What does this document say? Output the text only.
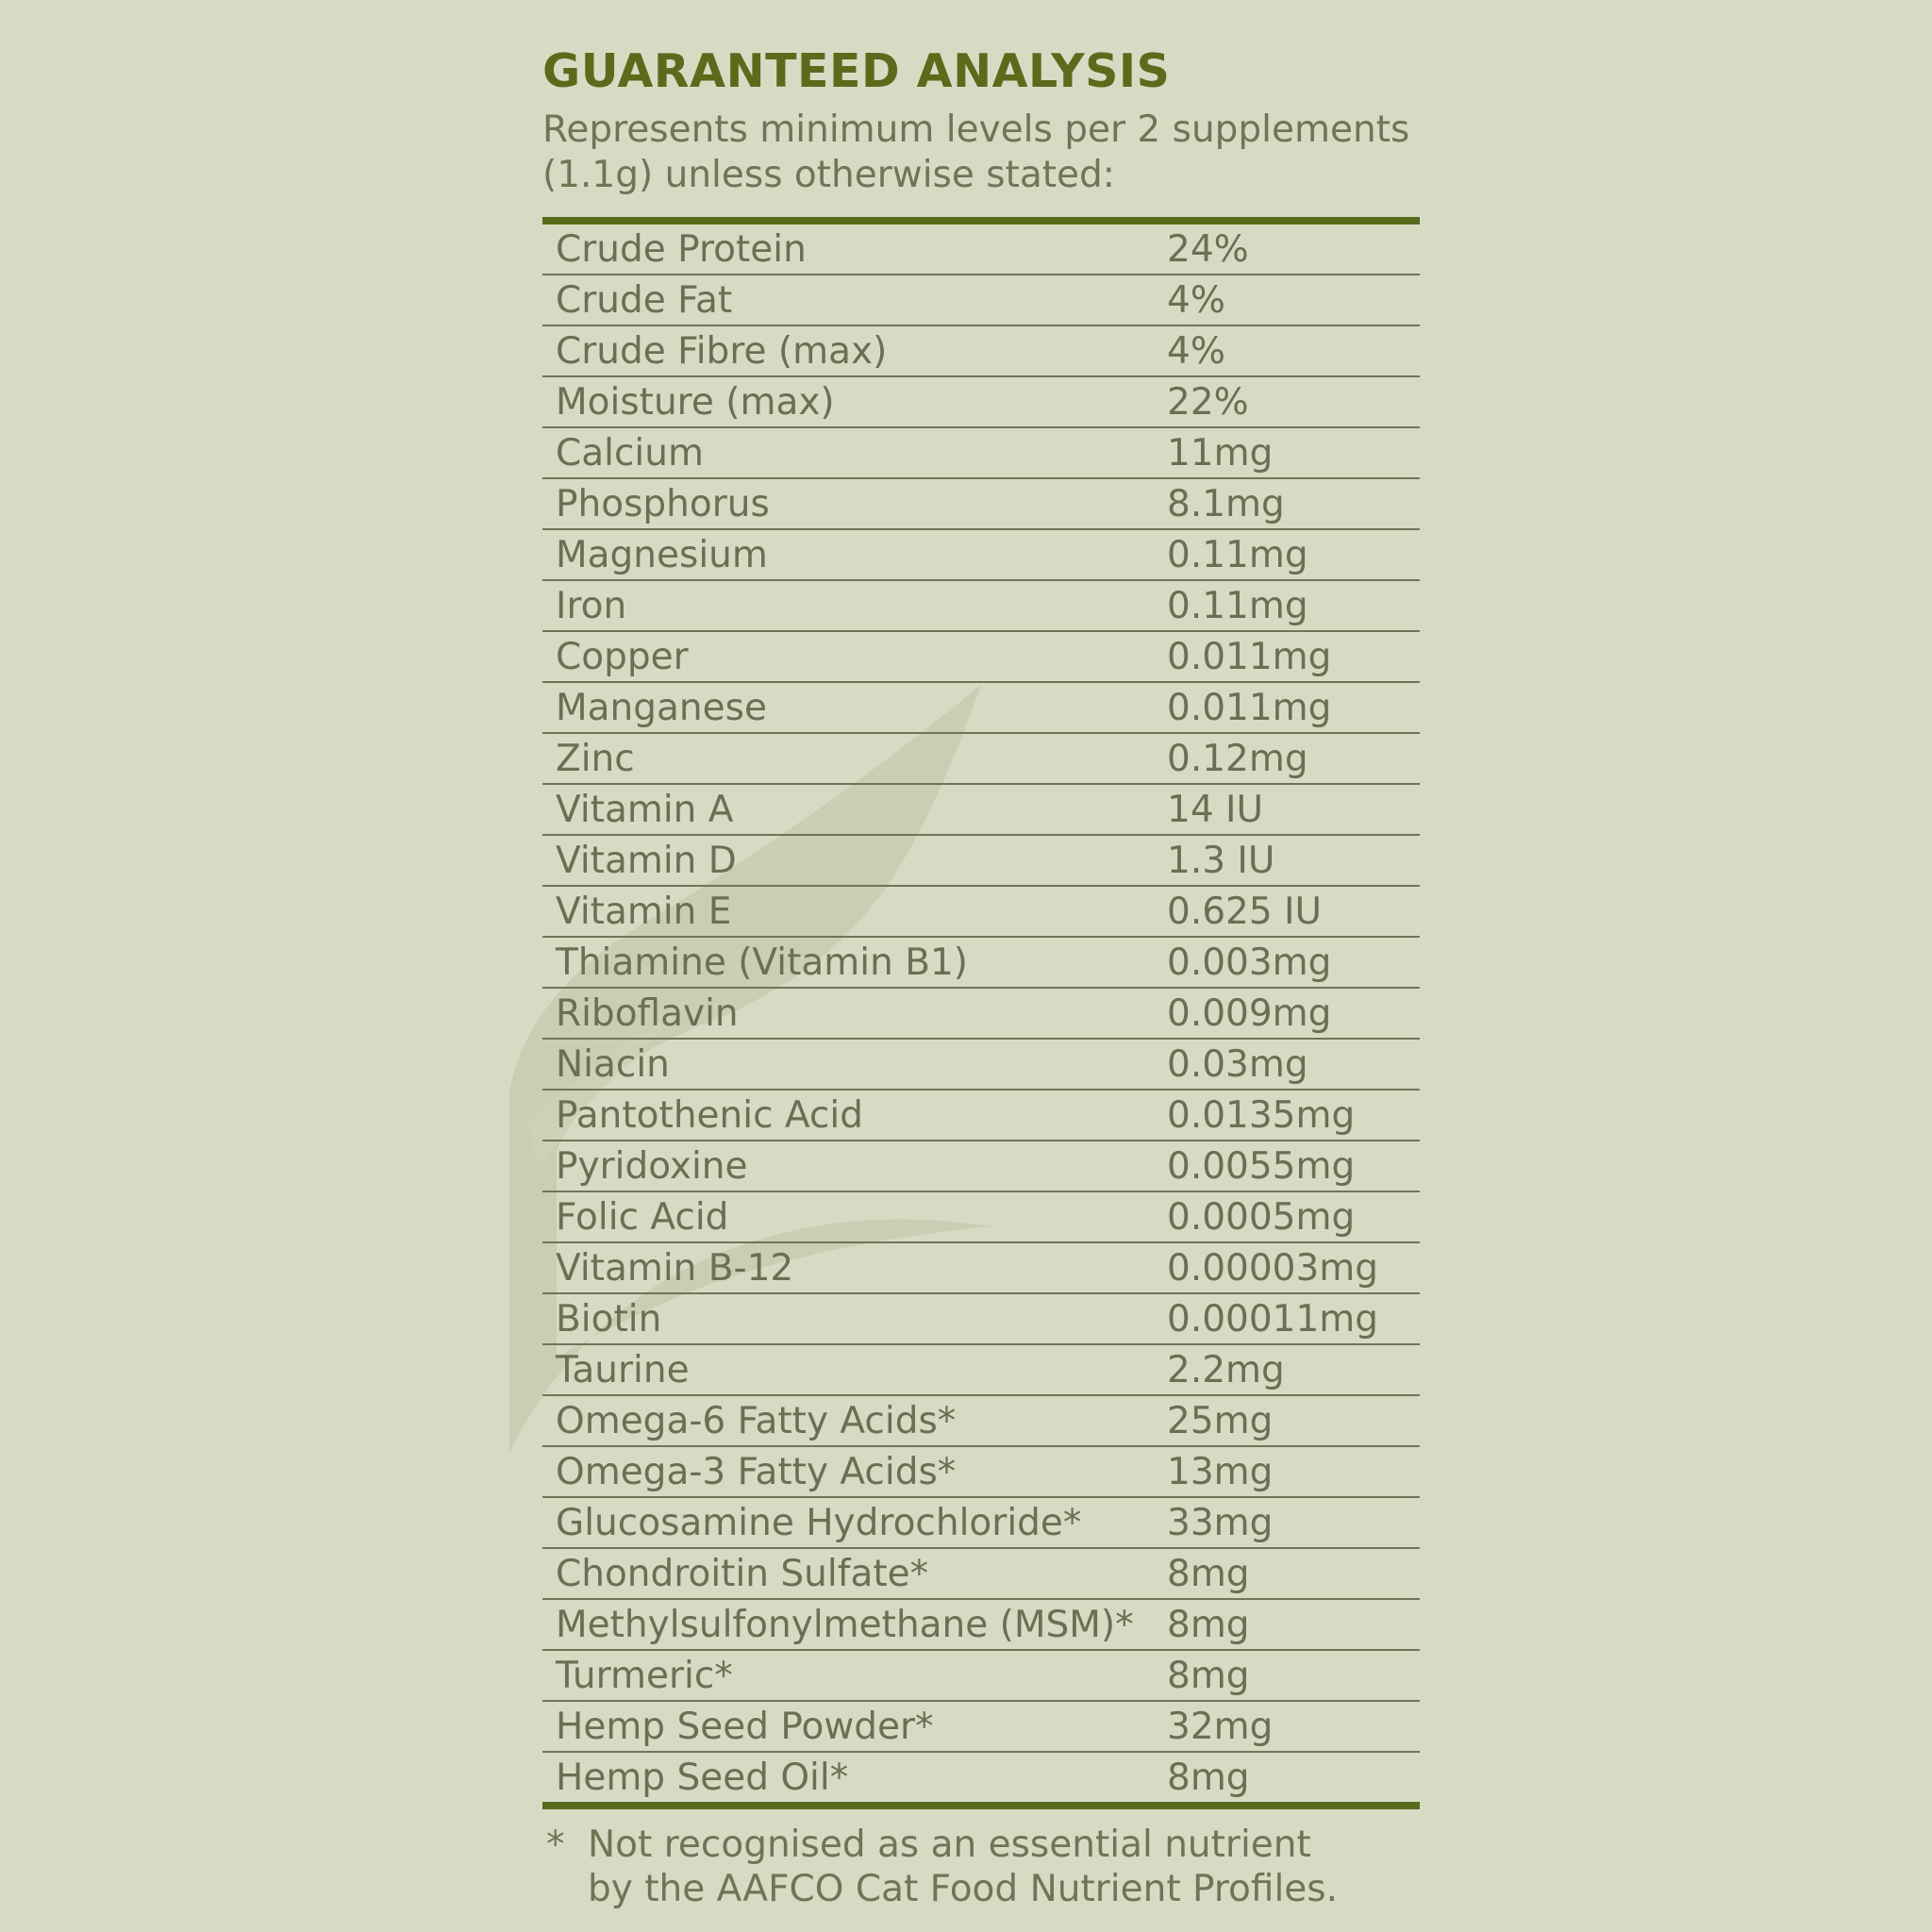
GUARANTEED ANALYSIS
Represents minimum levels per 2 supplements
(1.1g) unless otherwise stated:
Crude Protein	24%
Crude Fat	4%
Crude Fibre (max)	4%
Moisture (max)	22%
Calcium	11mg
Phosphorus	8.1mg
Magnesium	0.11mg
Iron	0.11mg
Copper	0.011mg
Manganese	0.011mg
Zinc	0.12mg
Vitamin A	14 IU
Vitamin D	1.3 IU
Vitamin E	0.625 IU
Thiamine (Vitamin B1)	0.003mg
Riboflavin	0.009mg
Niacin	0.03mg
Pantothenic Acid	0.0135mg
Pyridoxine	0.0055mg
Folic Acid	0.0005mg
Vitamin B-12	0.00003mg
Biotin	0.00011mg
Taurine	2.2mg
Omega-6 Fatty Acids*	25mg
Omega-3 Fatty Acids*	13mg
Glucosamine Hydrochloride*	33mg
Chondroitin Sulfate*	8mg
Methylsulfonylmethane (MSM)* 8mg
Turmeric*	8mg
Hemp Seed Powder*	32mg
Hemp Seed Oil*	8mg
* Not recognised as an essential nutrient
by the AAFCO Cat Food Nutrient Profiles.
